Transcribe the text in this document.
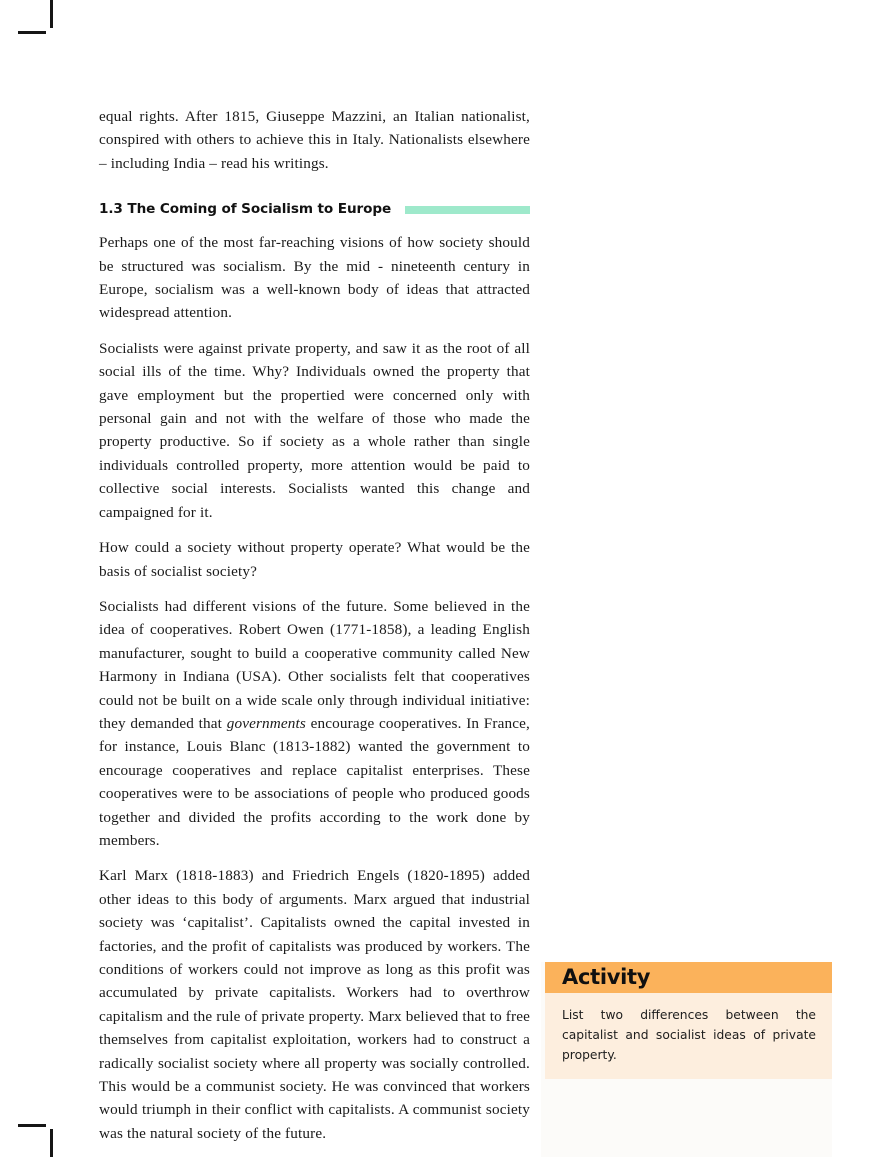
equal rights. After 1815, Giuseppe Mazzini, an Italian nationalist, conspired with others to achieve this in Italy. Nationalists elsewhere – including India – read his writings.

1.3 The Coming of Socialism to Europe

Perhaps one of the most far-reaching visions of how society should be structured was socialism. By the mid - nineteenth century in Europe, socialism was a well-known body of ideas that attracted widespread attention.

Socialists were against private property, and saw it as the root of all social ills of the time. Why? Individuals owned the property that gave employment but the propertied were concerned only with personal gain and not with the welfare of those who made the property productive. So if society as a whole rather than single individuals controlled property, more attention would be paid to collective social interests. Socialists wanted this change and campaigned for it.

How could a society without property operate? What would be the basis of socialist society?

Socialists had different visions of the future. Some believed in the idea of cooperatives. Robert Owen (1771-1858), a leading English manufacturer, sought to build a cooperative community called New Harmony in Indiana (USA). Other socialists felt that cooperatives could not be built on a wide scale only through individual initiative: they demanded that governments encourage cooperatives. In France, for instance, Louis Blanc (1813-1882) wanted the government to encourage cooperatives and replace capitalist enterprises. These cooperatives were to be associations of people who produced goods together and divided the profits according to the work done by members.

Karl Marx (1818-1883) and Friedrich Engels (1820-1895) added other ideas to this body of arguments. Marx argued that industrial society was ‘capitalist’. Capitalists owned the capital invested in factories, and the profit of capitalists was produced by workers. The conditions of workers could not improve as long as this profit was accumulated by private capitalists. Workers had to overthrow capitalism and the rule of private property. Marx believed that to free themselves from capitalist exploitation, workers had to construct a radically socialist society where all property was socially controlled. This would be a communist society. He was convinced that workers would triumph in their conflict with capitalists. A communist society was the natural society of the future.

Activity

List two differences between the capitalist and socialist ideas of private property.
